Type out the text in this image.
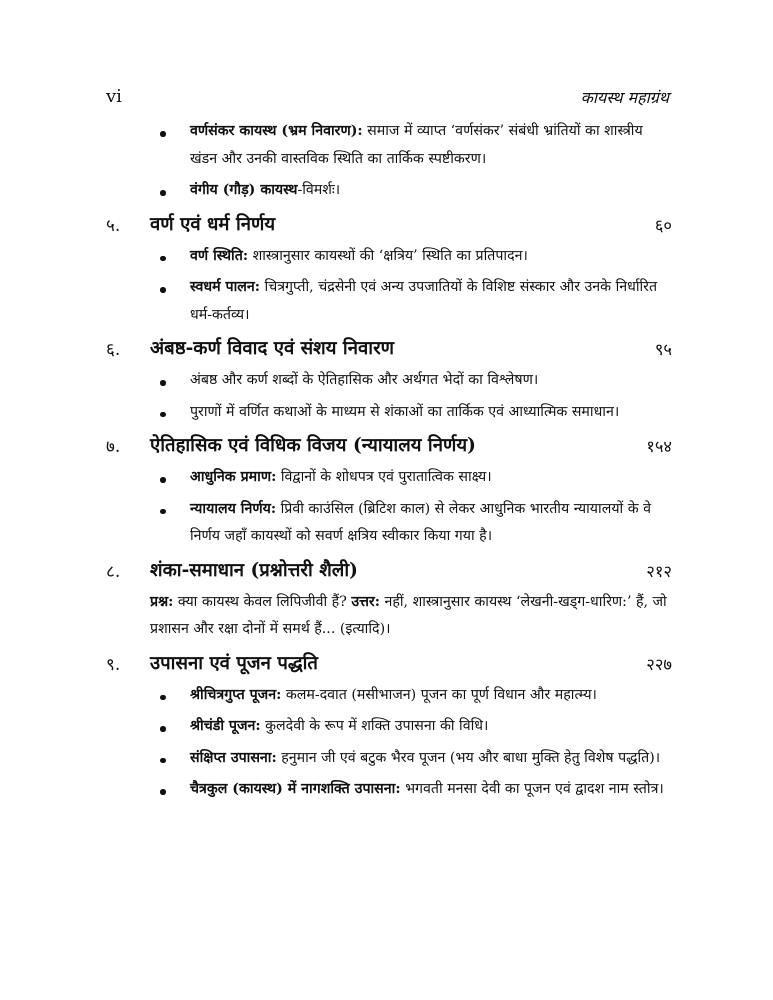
vi	कायस्थ महाग्रंथ
वर्णसंकर कायस्थ (भ्रम निवारण): समाज में व्याप्त ‘वर्णसंकर’ संबंधी भ्रांतियों का शास्त्रीय खंडन और उनकी वास्तविक स्थिति का तार्किक स्पष्टीकरण।
वंगीय (गौड़) कायस्थ-विमर्शः।
५. वर्ण एवं धर्म निर्णय	६०
वर्ण स्थिति: शास्त्रानुसार कायस्थों की ‘क्षत्रिय’ स्थिति का प्रतिपादन।
स्वधर्म पालन: चित्रगुप्ती, चंद्रसेनी एवं अन्य उपजातियों के विशिष्ट संस्कार और उनके निर्धारित धर्म-कर्तव्य।
६. अंबष्ठ-कर्ण विवाद एवं संशय निवारण	९५
अंबष्ठ और कर्ण शब्दों के ऐतिहासिक और अर्थगत भेदों का विश्लेषण।
पुराणों में वर्णित कथाओं के माध्यम से शंकाओं का तार्किक एवं आध्यात्मिक समाधान।
७. ऐतिहासिक एवं विधिक विजय (न्यायालय निर्णय)	१५४
आधुनिक प्रमाण: विद्वानों के शोधपत्र एवं पुरातात्विक साक्ष्य।
न्यायालय निर्णय: प्रिवी काउंसिल (ब्रिटिश काल) से लेकर आधुनिक भारतीय न्यायालयों के वे निर्णय जहाँ कायस्थों को सवर्ण क्षत्रिय स्वीकार किया गया है।
८. शंका-समाधान (प्रश्नोत्तरी शैली)	२१२
प्रश्न: क्या कायस्थ केवल लिपिजीवी हैं? उत्तर: नहीं, शास्त्रानुसार कायस्थ ‘लेखनी-खड्ग-धारिण:’ हैं, जो प्रशासन और रक्षा दोनों में समर्थ हैं... (इत्यादि)।
९. उपासना एवं पूजन पद्धति	२२७
श्रीचित्रगुप्त पूजन: कलम-दवात (मसीभाजन) पूजन का पूर्ण विधान और महात्म्य।
श्रीचंडी पूजन: कुलदेवी के रूप में शक्ति उपासना की विधि।
संक्षिप्त उपासना: हनुमान जी एवं बटुक भैरव पूजन (भय और बाधा मुक्ति हेतु विशेष पद्धति)।
चैत्रकुल (कायस्थ) में नागशक्ति उपासना: भगवती मनसा देवी का पूजन एवं द्वादश नाम स्तोत्र।
